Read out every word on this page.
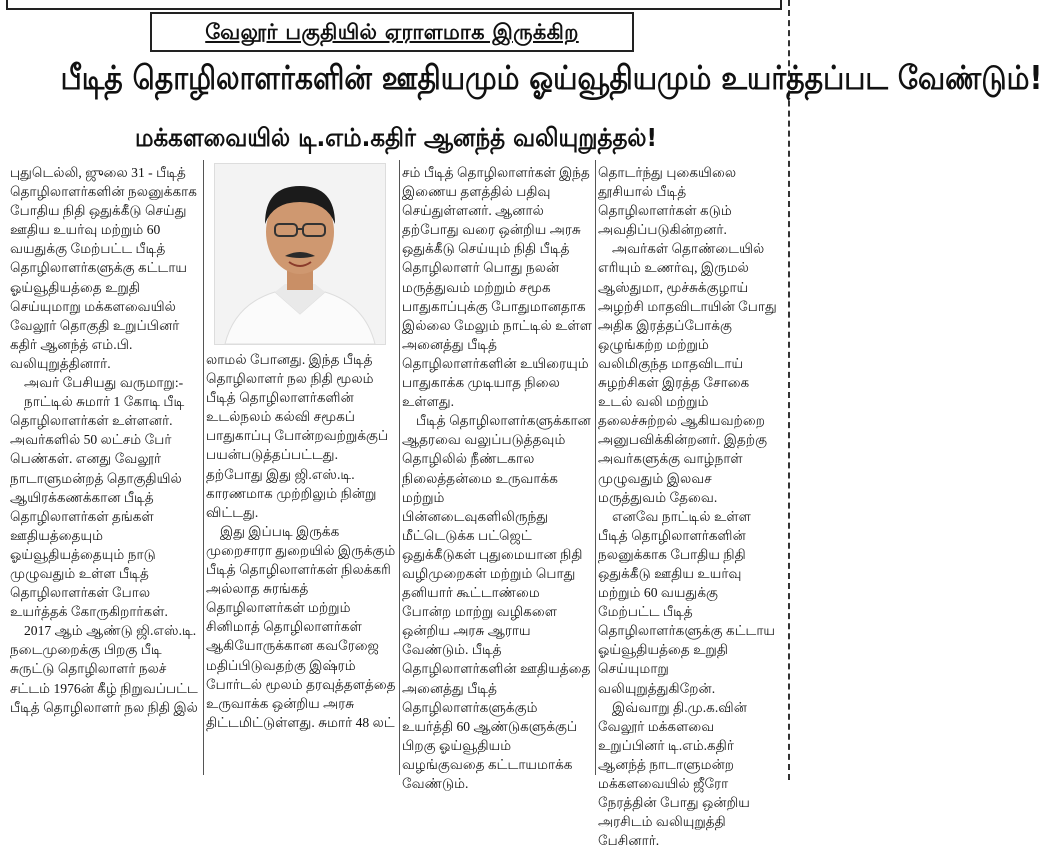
வேலூர் பகுதியில் ஏராளமாக இருக்கிற
பீடித் தொழிலாளர்களின் ஊதியமும் ஓய்வூதியமும் உயர்த்தப்பட வேண்டும்!
மக்களவையில் டி.எம்.கதிர் ஆனந்த் வலியுறுத்தல்!

புதுடெல்லி, ஜுலை 31 - பீடித் தொழிலாளர்களின் நலனுக்காக போதிய நிதி ஒதுக்கீடு செய்து ஊதிய உயர்வு மற்றும் 60 வயதுக்கு மேற்பட்ட பீடித் தொழிலாளர்களுக்கு கட்டாய ஓய்வூதியத்தை உறுதி செய்யுமாறு மக்களவையில் வேலூர் தொகுதி உறுப்பினர் கதிர் ஆனந்த் எம்.பி. வலியுறுத்தினார்.

அவர் பேசியது வருமாறு:-

நாட்டில் சுமார் 1 கோடி பீடி தொழிலாளர்கள் உள்ளனர். அவர்களில் 50 லட்சம் பேர் பெண்கள். எனது வேலூர் நாடாளுமன்றத் தொகுதியில் ஆயிரக்கணக்கான பீடித் தொழிலாளர்கள் தங்கள் ஊதியத்தையும் ஓய்வூதியத்தையும் நாடு முழுவதும் உள்ள பீடித் தொழிலாளர்கள் போல உயர்த்தக் கோருகிறார்கள்.

2017 ஆம் ஆண்டு ஜி.எஸ்.டி. நடைமுறைக்கு பிறகு பீடி சுருட்டு தொழிலாளர் நலச் சட்டம் 1976ன் கீழ் நிறுவப்பட்ட பீடித் தொழிலாளர் நல நிதி இல்

லாமல் போனது. இந்த பீடித் தொழிலாளர் நல நிதி மூலம் பீடித் தொழிலாளர்களின் உடல்நலம் கல்வி சமூகப் பாதுகாப்பு போன்றவற்றுக்குப் பயன்படுத்தப்பட்டது. தற்போது இது ஜி.எஸ்.டி. காரணமாக முற்றிலும் நின்று விட்டது.

இது இப்படி இருக்க முறைசாரா துறையில் இருக்கும் பீடித் தொழிலாளர்கள் நிலக்கரி அல்லாத சுரங்கத் தொழிலாளர்கள் மற்றும் சினிமாத் தொழிலாளர்கள் ஆகியோருக்கான கவரேஜை மதிப்பிடுவதற்கு இஷ்ரம் போர்டல் மூலம் தரவுத்தளத்தை உருவாக்க ஒன்றிய அரசு திட்டமிட்டுள்ளது. சுமார் 48 லட்

சம் பீடித் தொழிலாளர்கள் இந்த இணைய தளத்தில் பதிவு செய்துள்ளனர். ஆனால் தற்போது வரை ஒன்றிய அரசு ஒதுக்கீடு செய்யும் நிதி பீடித் தொழிலாளர் பொது நலன் மருத்துவம் மற்றும் சமூக பாதுகாப்புக்கு போதுமானதாக இல்லை மேலும் நாட்டில் உள்ள அனைத்து பீடித் தொழிலாளர்களின் உயிரையும் பாதுகாக்க முடியாத நிலை உள்ளது.

பீடித் தொழிலாளர்களுக்கான ஆதரவை வலுப்படுத்தவும் தொழிலில் நீண்டகால நிலைத்தன்மை உருவாக்க மற்றும் பின்னடைவுகளிலிருந்து மீட்டெடுக்க பட்ஜெட் ஒதுக்கீடுகள் புதுமையான நிதி வழிமுறைகள் மற்றும் பொது தனியார் கூட்டாண்மை போன்ற மாற்று வழிகளை ஒன்றிய அரசு ஆராய வேண்டும். பீடித் தொழிலாளர்களின் ஊதியத்தை அனைத்து பீடித் தொழிலாளர்களுக்கும் உயர்த்தி 60 ஆண்டுகளுக்குப் பிறகு ஓய்வூதியம் வழங்குவதை கட்டாயமாக்க வேண்டும்.

தொடர்ந்து புகையிலை தூசியால் பீடித் தொழிலாளர்கள் கடும் அவதிப்படுகின்றனர்.

அவர்கள் தொண்டையில் எரியும் உணர்வு, இருமல் ஆஸ்துமா, மூச்சுக்குழாய் அழற்சி மாதவிடாயின் போது அதிக இரத்தப்போக்கு ஒழுங்கற்ற மற்றும் வலிமிகுந்த மாதவிடாய் சுழற்சிகள் இரத்த சோகை உடல் வலி மற்றும் தலைச்சுற்றல் ஆகியவற்றை அனுபவிக்கின்றனர். இதற்கு அவர்களுக்கு வாழ்நாள் முழுவதும் இலவச மருத்துவம் தேவை.

எனவே நாட்டில் உள்ள பீடித் தொழிலாளர்களின் நலனுக்காக போதிய நிதி ஒதுக்கீடு ஊதிய உயர்வு மற்றும் 60 வயதுக்கு மேற்பட்ட பீடித் தொழிலாளர்களுக்கு கட்டாய ஓய்வூதியத்தை உறுதி செய்யுமாறு வலியுறுத்துகிறேன்.

இவ்வாறு தி.மு.க.வின் வேலூர் மக்களவை உறுப்பினர் டி.எம்.கதிர் ஆனந்த் நாடாளுமன்ற மக்களவையில் ஜீரோ நேரத்தின் போது ஒன்றிய அரசிடம் வலியுறுத்தி பேசினார்.
